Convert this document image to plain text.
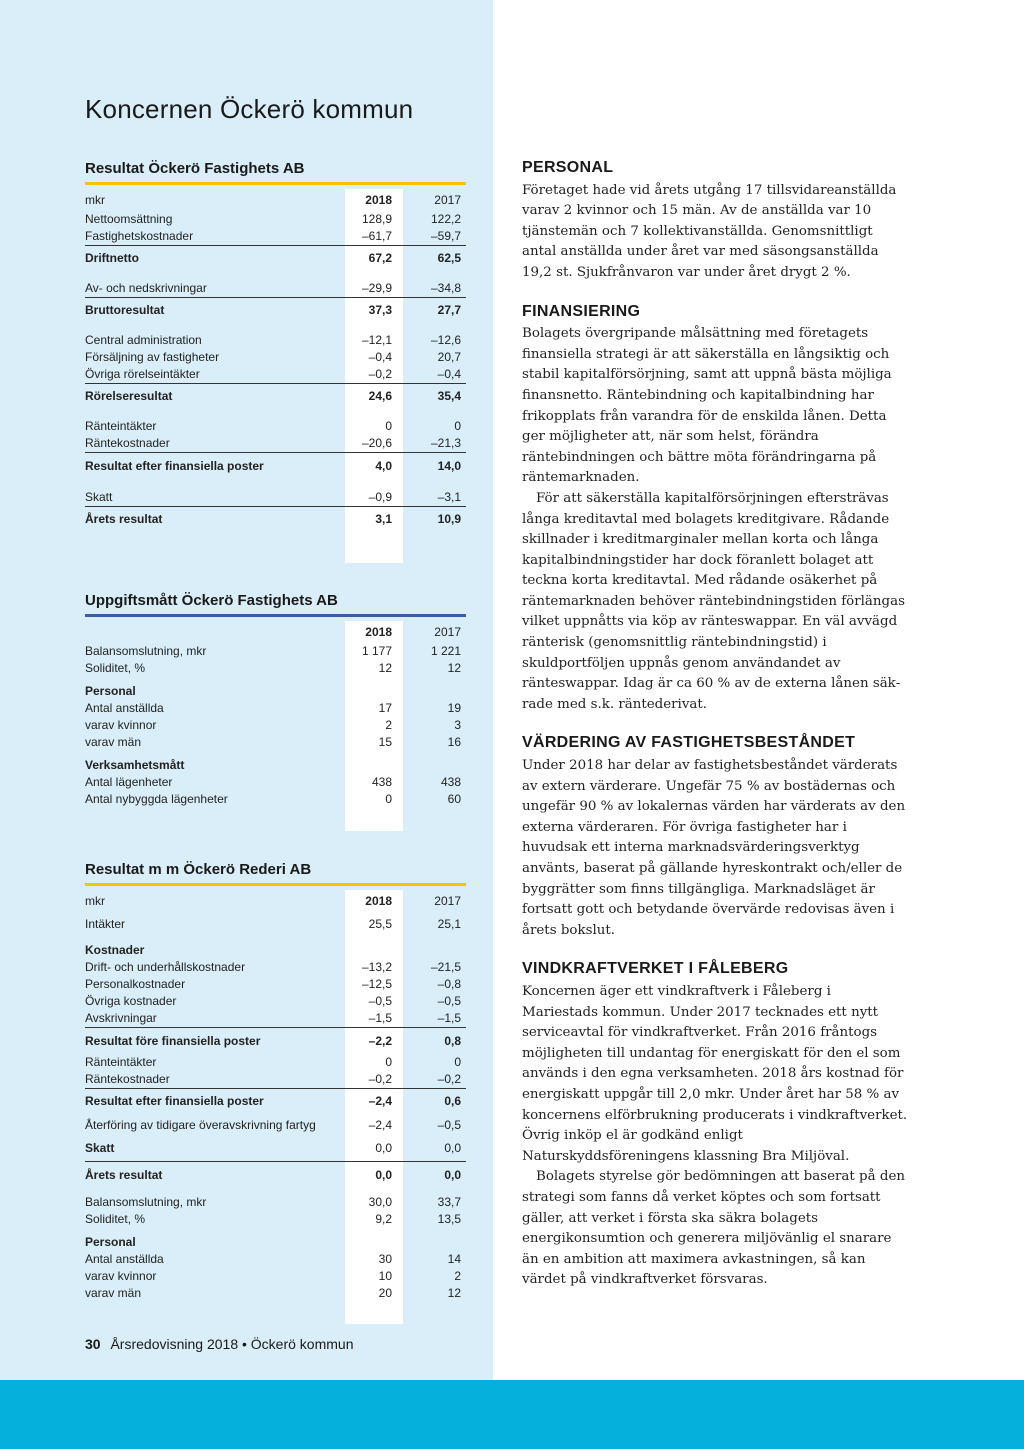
Koncernen Öckerö kommun
Resultat Öckerö Fastighets AB
mkr	2018	2017
Nettoomsättning	128,9	122,2
Fastighetskostnader	–61,7	–59,7
Driftnetto	67,2	62,5
Av- och nedskrivningar	–29,9	–34,8
Bruttoresultat	37,3	27,7
Central administration	–12,1	–12,6
Försäljning av fastigheter	–0,4	20,7
Övriga rörelseintäkter	–0,2	–0,4
Rörelseresultat	24,6	35,4
Ränteintäkter	0	0
Räntekostnader	–20,6	–21,3
Resultat efter finansiella poster	4,0	14,0
Skatt	–0,9	–3,1
Årets resultat	3,1	10,9
Uppgiftsmått Öckerö Fastighets AB
2018	2017
Balansomslutning, mkr	1 177	1 221
Soliditet, %	12	12
Personal
Antal anställda	17	19
varav kvinnor	2	3
varav män	15	16
Verksamhetsmått
Antal lägenheter	438	438
Antal nybyggda lägenheter	0	60
Resultat m m Öckerö Rederi AB
mkr	2018	2017
Intäkter	25,5	25,1
Kostnader
Drift- och underhållskostnader	–13,2	–21,5
Personalkostnader	–12,5	–0,8
Övriga kostnader	–0,5	–0,5
Avskrivningar	–1,5	–1,5
Resultat före finansiella poster	–2,2	0,8
Ränteintäkter	0	0
Räntekostnader	–0,2	–0,2
Resultat efter finansiella poster	–2,4	0,6
Återföring av tidigare överavskrivning fartyg	–2,4	–0,5
Skatt	0,0	0,0
Årets resultat	0,0	0,0
Balansomslutning, mkr	30,0	33,7
Soliditet, %	9,2	13,5
Personal
Antal anställda	30	14
varav kvinnor	10	2
varav män	20	12
PERSONAL

Företaget hade vid årets utgång 17 tillsvidareanställda varav 2 kvinnor och 15 män. Av de anställda var 10 tjänstemän och 7 kollektivanställda. Genomsnittligt antal anställda under året var med säsongsanställda 19,2 st. Sjukfrånvaron var under året drygt 2 %.

FINANSIERING

Bolagets övergripande målsättning med företagets finansiella strategi är att säkerställa en långsiktig och stabil kapitalförsörjning, samt att uppnå bästa möjliga finansnetto. Räntebindning och kapitalbindning har frikopplats från varandra för de enskilda lånen. Detta ger möjligheter att, när som helst, förändra räntebindningen och bättre möta förändringarna på räntemarknaden.

För att säkerställa kapitalförsörjningen eftersträvas långa kreditavtal med bolagets kreditgivare. Rådande skillnader i kreditmarginaler mellan korta och långa kapitalbindningstider har dock föranlett bolaget att teckna korta kreditavtal. Med rådande osäkerhet på räntemarknaden behöver räntebindningstiden förlängas vilket uppnåtts via köp av ränteswappar. En väl avvägd ränterisk (genomsnittlig räntebindningstid) i skuldportföljen uppnås genom användandet av ränteswappar. Idag är ca 60 % av de externa lånen säkrade med s.k. räntederivat.

VÄRDERING AV FASTIGHETSBESTÅNDET

Under 2018 har delar av fastighetsbeståndet värderats av extern värderare. Ungefär 75 % av bostädernas och ungefär 90 % av lokalernas värden har värderats av den externa värderaren. För övriga fastigheter har i huvudsak ett interna marknadsvärderingsverktyg använts, baserat på gällande hyreskontrakt och/eller de byggrätter som finns tillgängliga. Marknadsläget är fortsatt gott och betydande övervärde redovisas även i årets bokslut.

VINDKRAFTVERKET I FÅLEBERG

Koncernen äger ett vindkraftverk i Fåleberg i Mariestads kommun. Under 2017 tecknades ett nytt serviceavtal för vindkraftverket. Från 2016 fråntogs möjligheten till undantag för energiskatt för den el som används i den egna verksamheten. 2018 års kostnad för energiskatt uppgår till 2,0 mkr. Under året har 58 % av koncernens elförbrukning producerats i vindkraftverket. Övrig inköp el är godkänd enligt Naturskyddsföreningens klassning Bra Miljöval.

Bolagets styrelse gör bedömningen att baserat på den strategi som fanns då verket köptes och som fortsatt gäller, att verket i första ska säkra bolagets energikonsumtion och generera miljövänlig el snarare än en ambition att maximera avkastningen, så kan värdet på vindkraftverket försvaras.

30 Årsredovisning 2018 • Öckerö kommun
